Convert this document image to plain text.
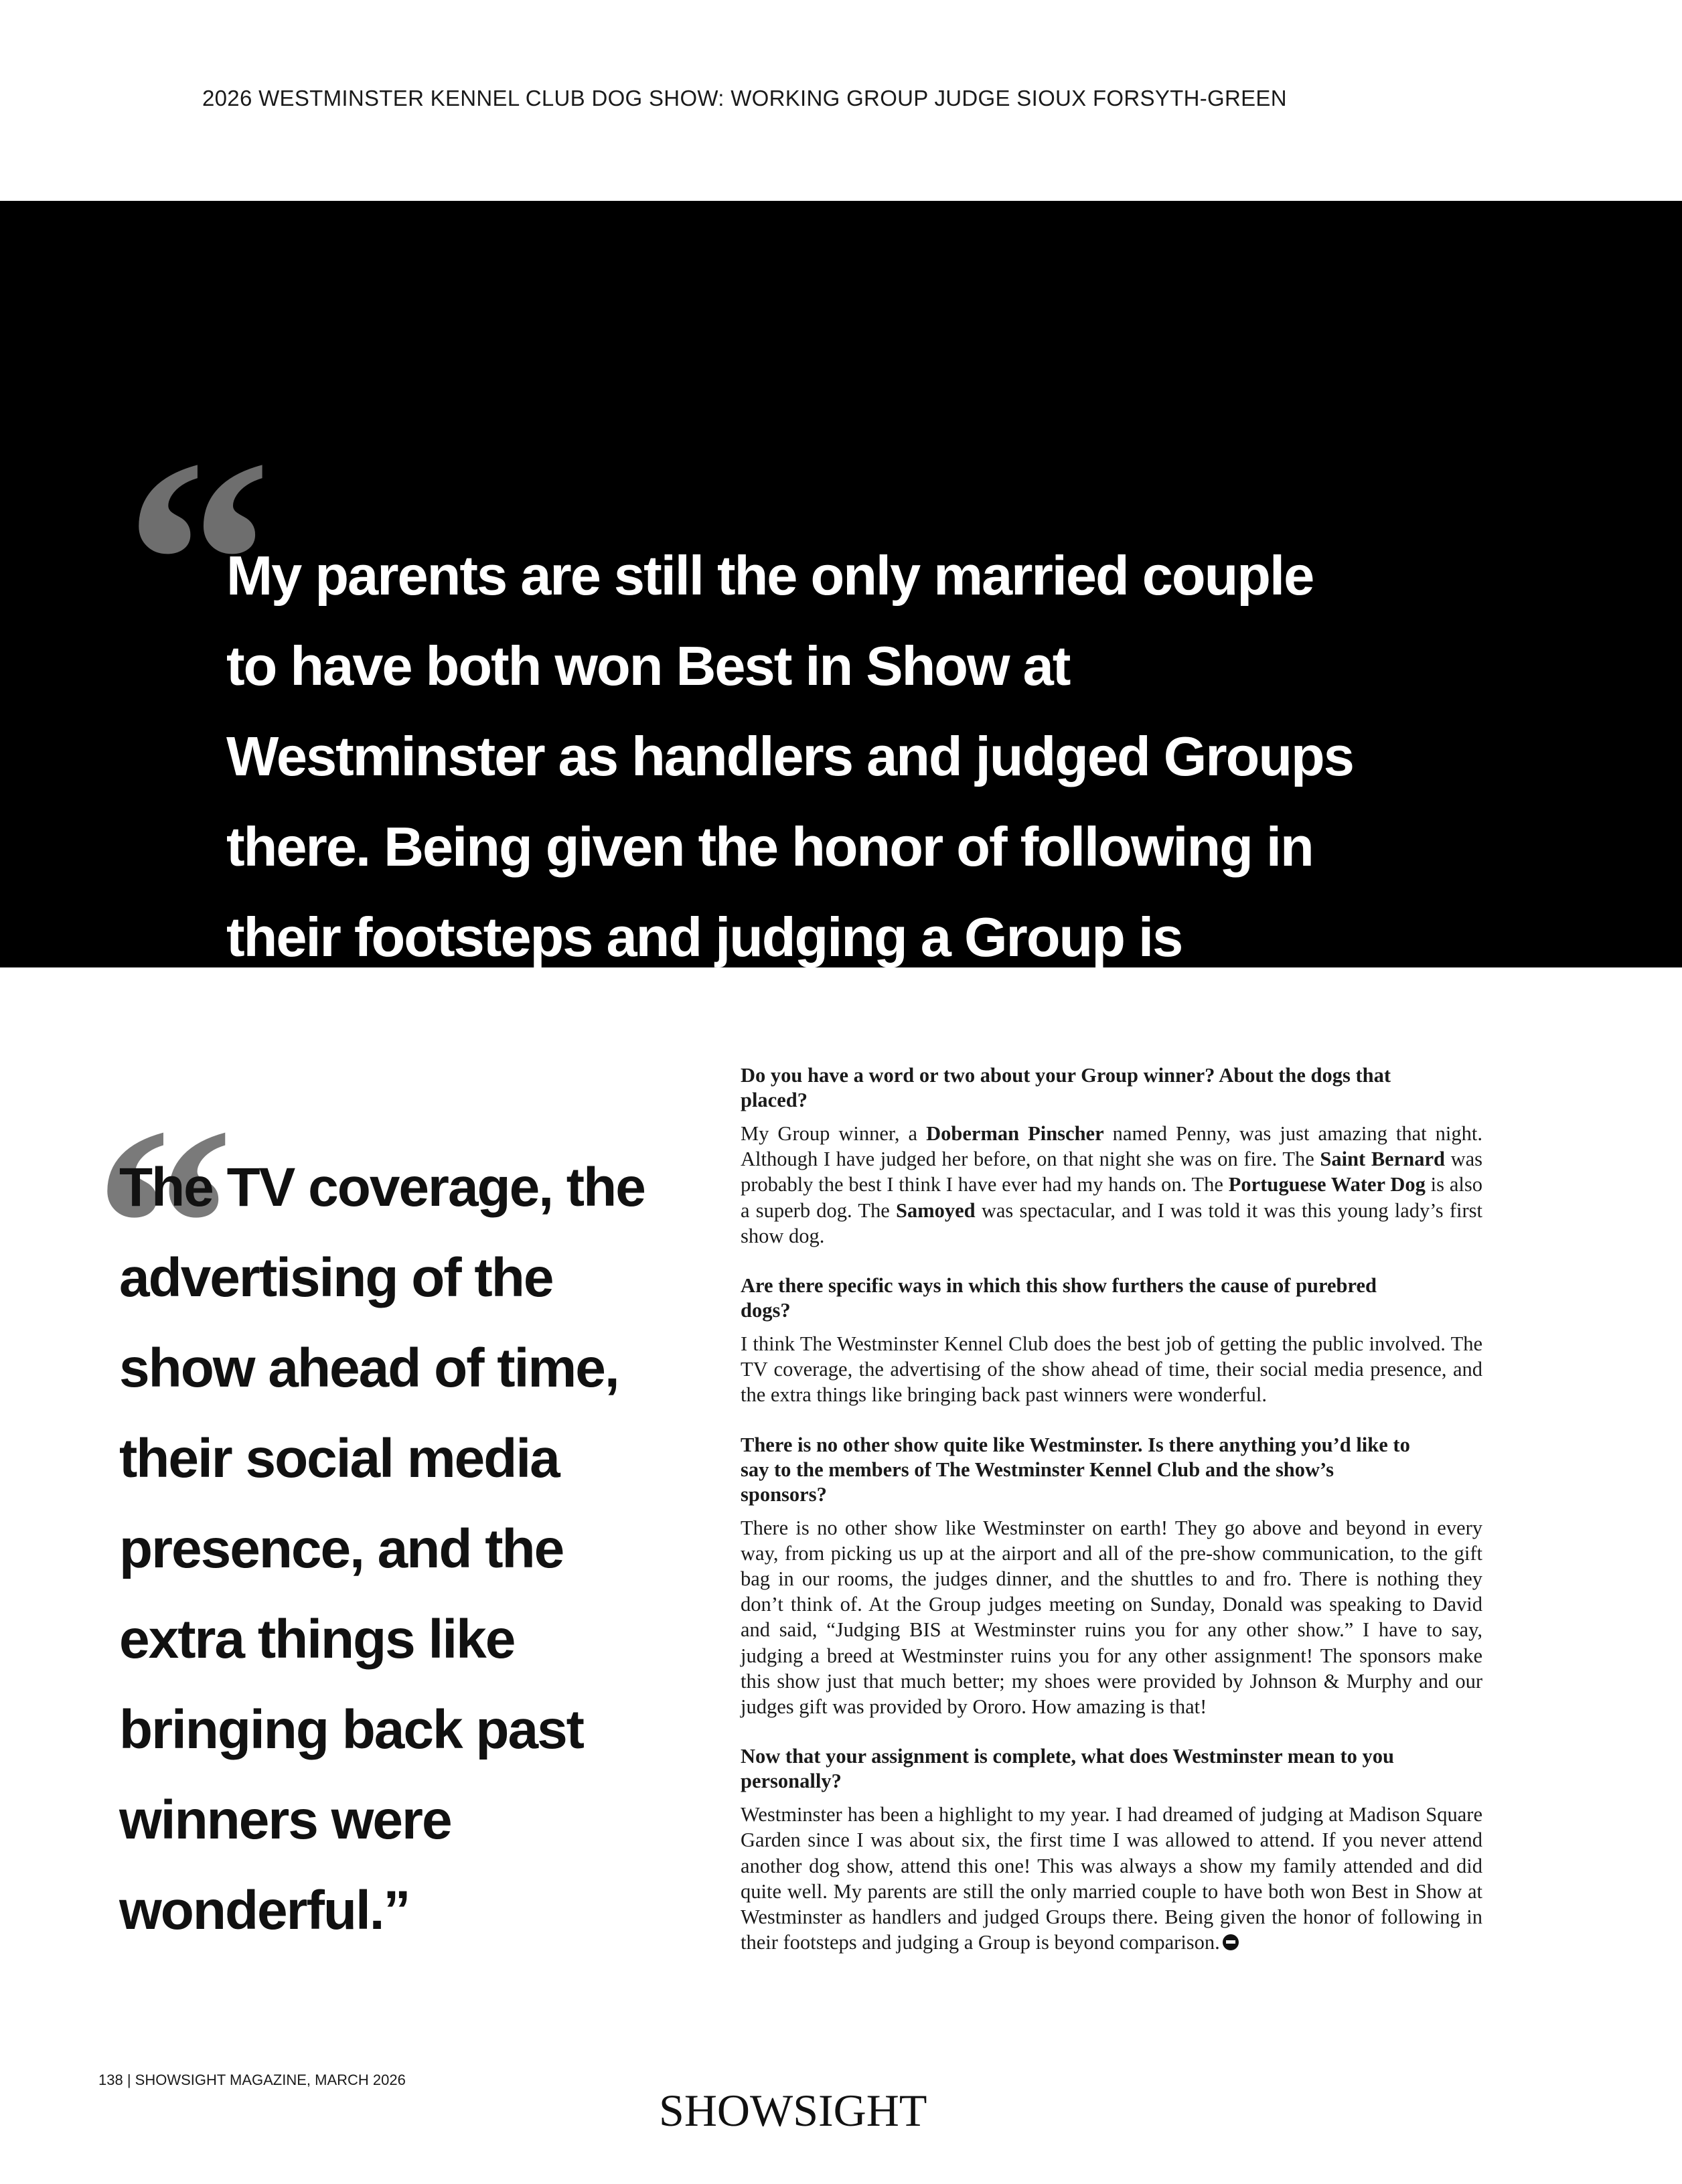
2026 WESTMINSTER KENNEL CLUB DOG SHOW: WORKING GROUP JUDGE SIOUX FORSYTH-GREEN
“
My parents are still the only married couple to have both won Best in Show at Westminster as handlers and judged Groups there. Being given the honor of following in their footsteps and judging a Group is beyond comparison.”
“
The TV coverage, the advertising of the show ahead of time, their social media presence, and the extra things like bringing back past winners were wonderful.”

Do you have a word or two about your Group winner? About the dogs that placed?

My Group winner, a Doberman Pinscher named Penny, was just amazing that night. Although I have judged her before, on that night she was on fire. The Saint Bernard was probably the best I think I have ever had my hands on. The Portuguese Water Dog is also a superb dog. The Samoyed was spectacular, and I was told it was this young lady’s first show dog.

Are there specific ways in which this show furthers the cause of purebred dogs?

I think The Westminster Kennel Club does the best job of getting the public involved. The TV coverage, the advertising of the show ahead of time, their social media presence, and the extra things like bringing back past winners were wonderful.

There is no other show quite like Westminster. Is there anything you’d like to say to the members of The Westminster Kennel Club and the show’s sponsors?

There is no other show like Westminster on earth! They go above and beyond in every way, from picking us up at the airport and all of the pre-show communication, to the gift bag in our rooms, the judges dinner, and the shuttles to and fro. There is nothing they don’t think of. At the Group judges meeting on Sunday, Donald was speaking to David and said, “Judging BIS at Westminster ruins you for any other show.” I have to say, judging a breed at Westminster ruins you for any other assignment! The sponsors make this show just that much better; my shoes were provided by Johnson & Murphy and our judges gift was provided by Ororo. How amazing is that!

Now that your assignment is complete, what does Westminster mean to you personally?

Westminster has been a highlight to my year. I had dreamed of judging at Madison Square Garden since I was about six, the first time I was allowed to attend. If you never attend another dog show, attend this one! This was always a show my family attended and did quite well. My parents are still the only married couple to have both won Best in Show at Westminster as handlers and judged Groups there. Being given the honor of following in their footsteps and judging a Group is beyond comparison.

138 | SHOWSIGHT MAGAZINE, MARCH 2026
SHOWSIGHT
